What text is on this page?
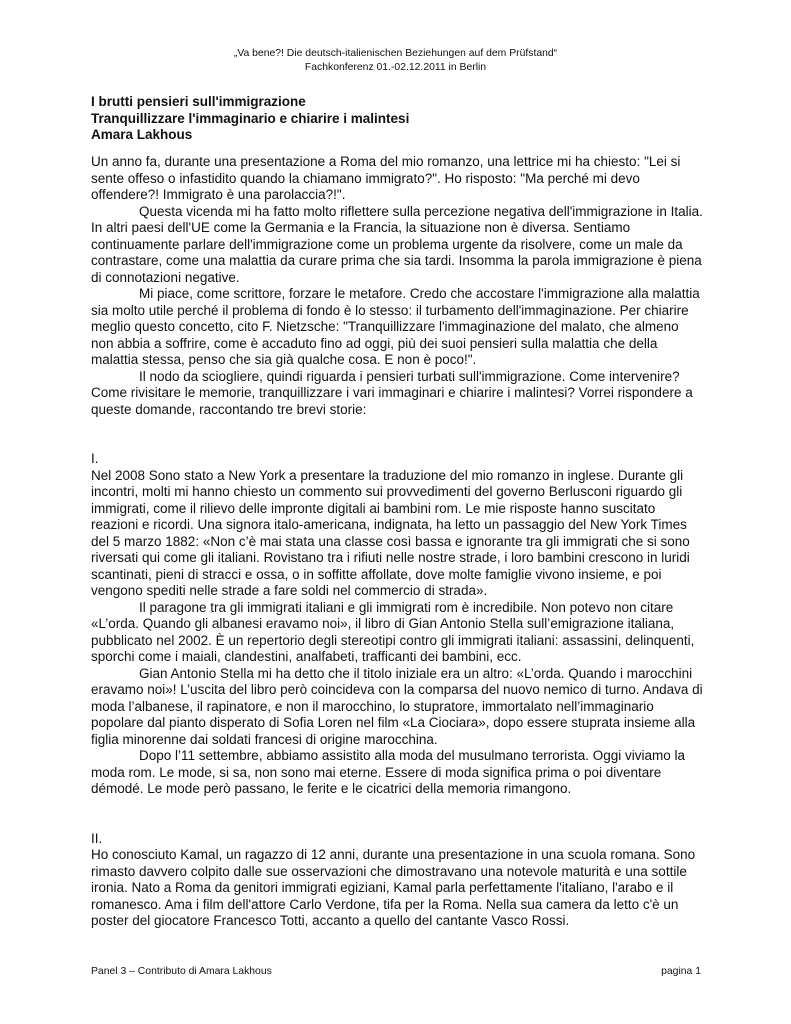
„Va bene?! Die deutsch-italienischen Beziehungen auf dem Prüfstand“
Fachkonferenz 01.-02.12.2011 in Berlin
I brutti pensieri sull'immigrazione
Tranquillizzare l'immaginario e chiarire i malintesi
Amara Lakhous

Un anno fa, durante una presentazione a Roma del mio romanzo, una lettrice mi ha chiesto: "Lei si sente offeso o infastidito quando la chiamano immigrato?". Ho risposto: "Ma perché mi devo offendere?! Immigrato è una parolaccia?!".

Questa vicenda mi ha fatto molto riflettere sulla percezione negativa dell'immigrazione in Italia. In altri paesi dell'UE come la Germania e la Francia, la situazione non è diversa. Sentiamo continuamente parlare dell'immigrazione come un problema urgente da risolvere, come un male da contrastare, come una malattia da curare prima che sia tardi. Insomma la parola immigrazione è piena di connotazioni negative.

Mi piace, come scrittore, forzare le metafore. Credo che accostare l'immigrazione alla malattia sia molto utile perché il problema di fondo è lo stesso: il turbamento dell'immaginazione. Per chiarire meglio questo concetto, cito F. Nietzsche: "Tranquillizzare l'immaginazione del malato, che almeno non abbia a soffrire, come è accaduto fino ad oggi, più dei suoi pensieri sulla malattia che della malattia stessa, penso che sia già qualche cosa. E non è poco!".

Il nodo da sciogliere, quindi riguarda i pensieri turbati sull'immigrazione. Come intervenire? Come rivisitare le memorie, tranquillizzare i vari immaginari e chiarire i malintesi? Vorrei rispondere a queste domande, raccontando tre brevi storie:

I.

Nel 2008 Sono stato a New York a presentare la traduzione del mio romanzo in inglese. Durante gli incontri, molti mi hanno chiesto un commento sui provvedimenti del governo Berlusconi riguardo gli immigrati, come il rilievo delle impronte digitali ai bambini rom. Le mie risposte hanno suscitato reazioni e ricordi. Una signora italo-americana, indignata, ha letto un passaggio del New York Times del 5 marzo 1882: «Non c’è mai stata una classe così bassa e ignorante tra gli immigrati che si sono riversati qui come gli italiani. Rovistano tra i rifiuti nelle nostre strade, i loro bambini crescono in luridi scantinati, pieni di stracci e ossa, o in soffitte affollate, dove molte famiglie vivono insieme, e poi vengono spediti nelle strade a fare soldi nel commercio di strada».

Il paragone tra gli immigrati italiani e gli immigrati rom è incredibile. Non potevo non citare «L’orda. Quando gli albanesi eravamo noi», il libro di Gian Antonio Stella sull’emigrazione italiana, pubblicato nel 2002. È un repertorio degli stereotipi contro gli immigrati italiani: assassini, delinquenti, sporchi come i maiali, clandestini, analfabeti, trafficanti dei bambini, ecc.

Gian Antonio Stella mi ha detto che il titolo iniziale era un altro: «L’orda. Quando i marocchini eravamo noi»! L’uscita del libro però coincideva con la comparsa del nuovo nemico di turno. Andava di moda l’albanese, il rapinatore, e non il marocchino, lo stupratore, immortalato nell’immaginario popolare dal pianto disperato di Sofia Loren nel film «La Ciociara», dopo essere stuprata insieme alla figlia minorenne dai soldati francesi di origine marocchina.

Dopo l’11 settembre, abbiamo assistito alla moda del musulmano terrorista. Oggi viviamo la moda rom. Le mode, si sa, non sono mai eterne. Essere di moda significa prima o poi diventare démodé. Le mode però passano, le ferite e le cicatrici della memoria rimangono.

II.

Ho conosciuto Kamal, un ragazzo di 12 anni, durante una presentazione in una scuola romana. Sono rimasto davvero colpito dalle sue osservazioni che dimostravano una notevole maturità e una sottile ironia. Nato a Roma da genitori immigrati egiziani, Kamal parla perfettamente l'italiano, l'arabo e il romanesco. Ama i film dell'attore Carlo Verdone, tifa per la Roma. Nella sua camera da letto c'è un poster del giocatore Francesco Totti, accanto a quello del cantante Vasco Rossi.

Panel 3 – Contributo di Amara Lakhous	pagina 1
